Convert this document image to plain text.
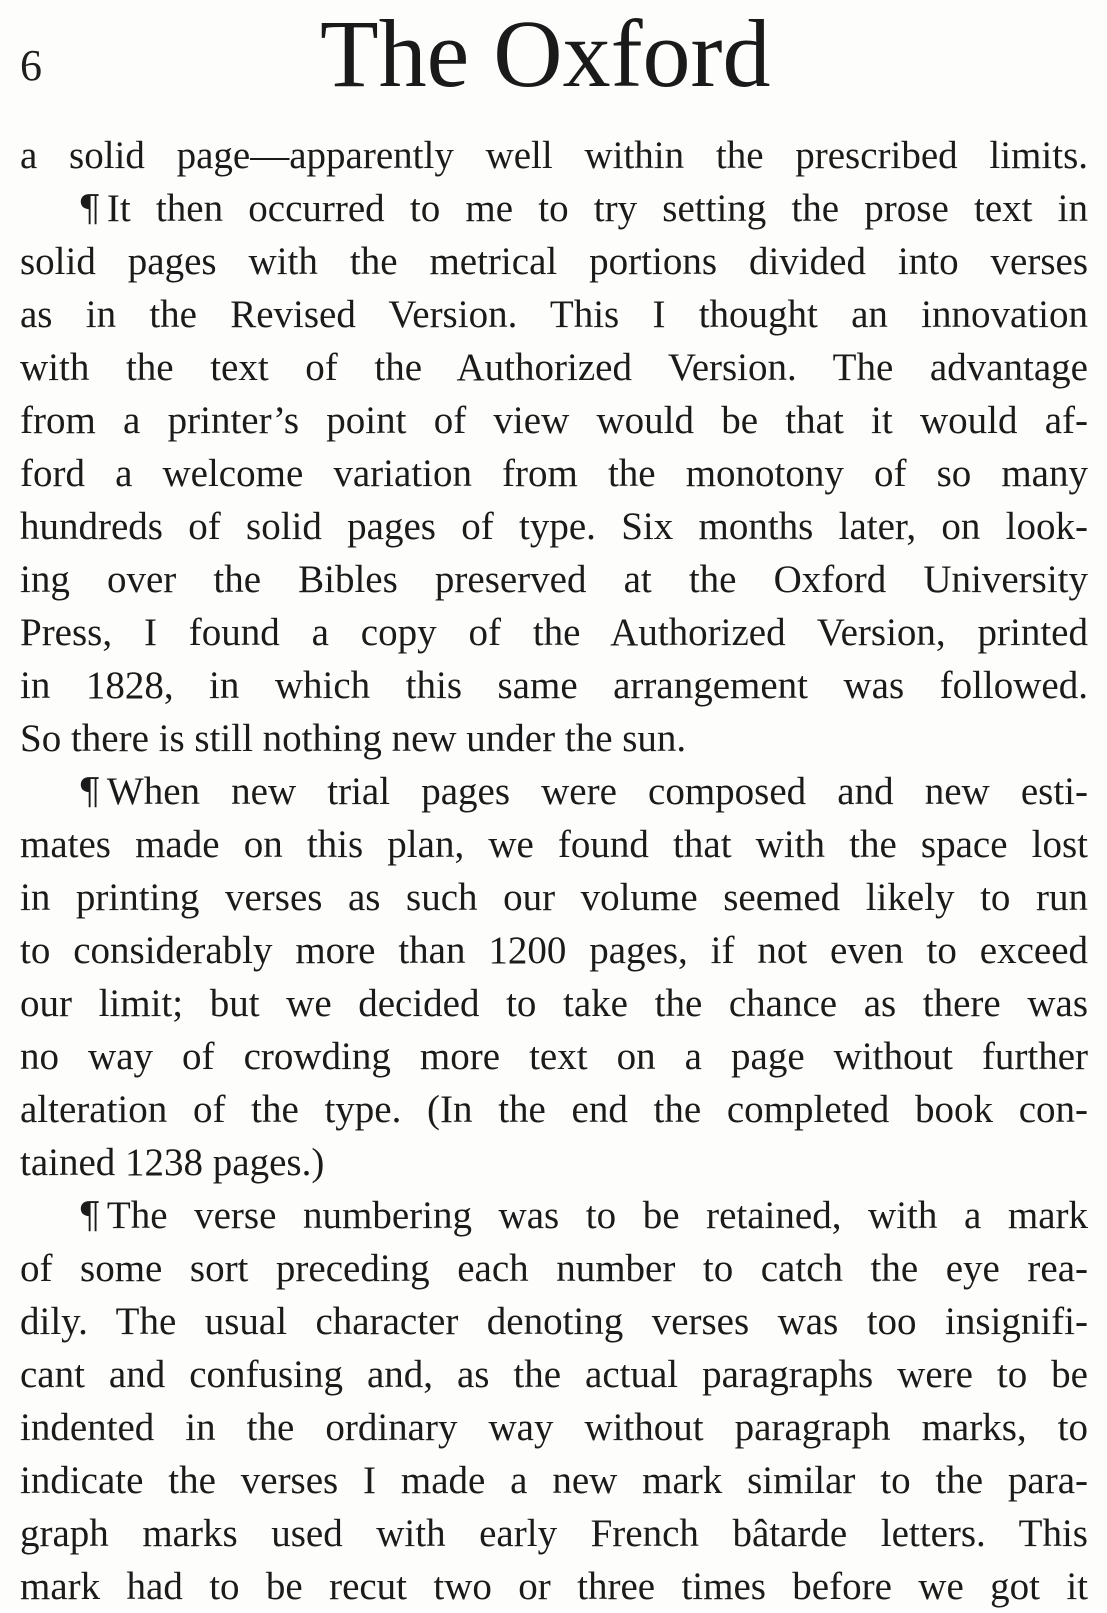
6	The Oxford
a solid page—apparently well within the prescribed limits.
¶ It then occurred to me to try setting the prose text in
solid pages with the metrical portions divided into verses
as in the Revised Version. This I thought an innovation
with the text of the Authorized Version. The advantage
from a printer’s point of view would be that it would af-
ford a welcome variation from the monotony of so many
hundreds of solid pages of type. Six months later, on look-
ing over the Bibles preserved at the Oxford University
Press, I found a copy of the Authorized Version, printed
in 1828, in which this same arrangement was followed.
So there is still nothing new under the sun.
¶ When new trial pages were composed and new esti-
mates made on this plan, we found that with the space lost
in printing verses as such our volume seemed likely to run
to considerably more than 1200 pages, if not even to exceed
our limit; but we decided to take the chance as there was
no way of crowding more text on a page without further
alteration of the type. (In the end the completed book con-
tained 1238 pages.)
¶ The verse numbering was to be retained, with a mark
of some sort preceding each number to catch the eye rea-
dily. The usual character denoting verses was too insignifi-
cant and confusing and, as the actual paragraphs were to be
indented in the ordinary way without paragraph marks, to
indicate the verses I made a new mark similar to the para-
graph marks used with early French bâtarde letters. This
mark had to be recut two or three times before we got it
